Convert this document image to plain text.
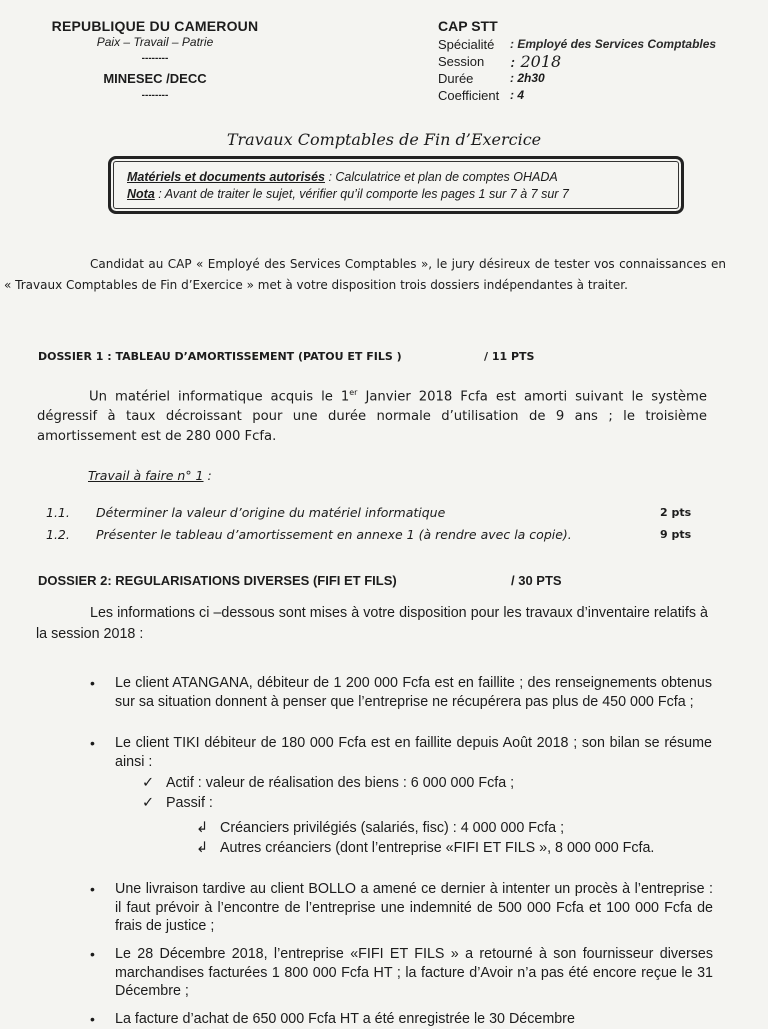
REPUBLIQUE DU CAMEROUN
Paix – Travail – Patrie
--------
MINESEC /DECC
--------
CAP STT
Spécialité	: Employé des Services Comptables
Session	: 2018
Durée	: 2h30
Coefficient : 4
Travaux Comptables de Fin d’Exercice
Matériels et documents autorisés : Calculatrice et plan de comptes OHADA
Nota : Avant de traiter le sujet, vérifier qu’il comporte les pages 1 sur 7 à 7 sur 7
Candidat au CAP « Employé des Services Comptables », le jury désireux de tester vos connaissances en « Travaux Comptables de Fin d’Exercice » met à votre disposition trois dossiers indépendantes à traiter.
DOSSIER 1 : TABLEAU D’AMORTISSEMENT (PATOU ET FILS )	/ 11 PTS
Un matériel informatique acquis le 1er Janvier 2018 Fcfa est amorti suivant le système dégressif à taux décroissant pour une durée normale d’utilisation de 9 ans ; le troisième amortissement est de 280 000 Fcfa.
Travail à faire n° 1 :
1.1.	Déterminer la valeur d’origine du matériel informatique	2 pts
1.2.	Présenter le tableau d’amortissement en annexe 1 (à rendre avec la copie).	9 pts
DOSSIER 2: REGULARISATIONS DIVERSES (FIFI ET FILS)	/ 30 PTS
Les informations ci –dessous sont mises à votre disposition pour les travaux d’inventaire relatifs à la session 2018 :
• Le client ATANGANA, débiteur de 1 200 000 Fcfa est en faillite ; des renseignements obtenus sur sa situation donnent à penser que l’entreprise ne récupérera pas plus de 450 000 Fcfa ;
• Le client TIKI débiteur de 180 000 Fcfa est en faillite depuis Août 2018 ; son bilan se résume ainsi :
✓ Actif : valeur de réalisation des biens : 6 000 000 Fcfa ;
✓ Passif :
↲ Créanciers privilégiés (salariés, fisc) : 4 000 000 Fcfa ;
↲ Autres créanciers (dont l’entreprise «FIFI ET FILS », 8 000 000 Fcfa.
• Une livraison tardive au client BOLLO a amené ce dernier à intenter un procès à l’entreprise : il faut prévoir à l’encontre de l’entreprise une indemnité de 500 000 Fcfa et 100 000 Fcfa de frais de justice ;
• Le 28 Décembre 2018, l’entreprise «FIFI ET FILS » a retourné à son fournisseur diverses marchandises facturées 1 800 000 Fcfa HT ; la facture d’Avoir n’a pas été encore reçue le 31 Décembre ;
• La facture d’achat de 650 000 Fcfa HT a été enregistrée le 30 Décembre
